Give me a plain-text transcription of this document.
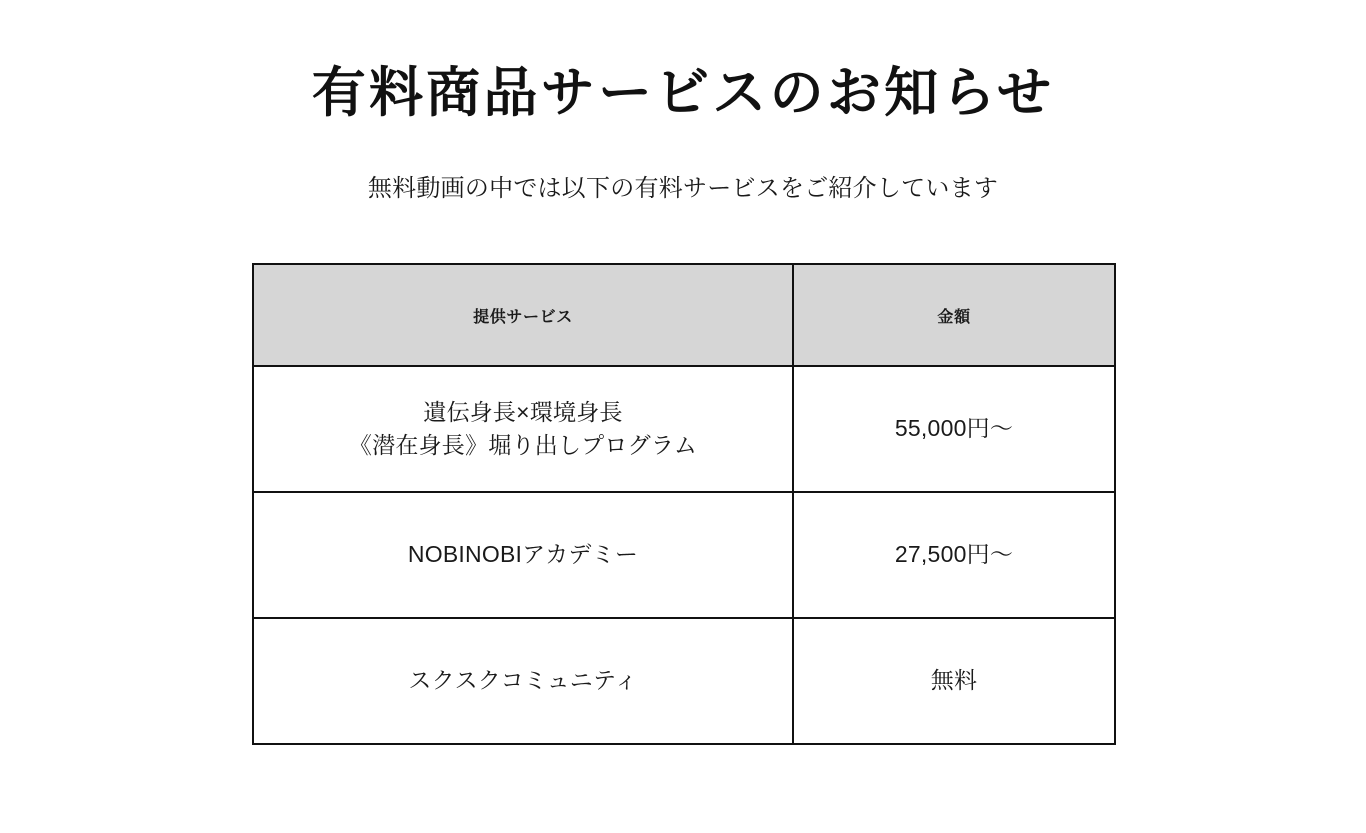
有料商品サービスのお知らせ

無料動画の中では以下の有料サービスをご紹介しています

提供サービス	金額

遺伝身長×環境身長
《潜在身長》堀り出しプログラム	55,000円〜

NOBINOBIアカデミー	27,500円〜

スクスクコミュニティ	無料
